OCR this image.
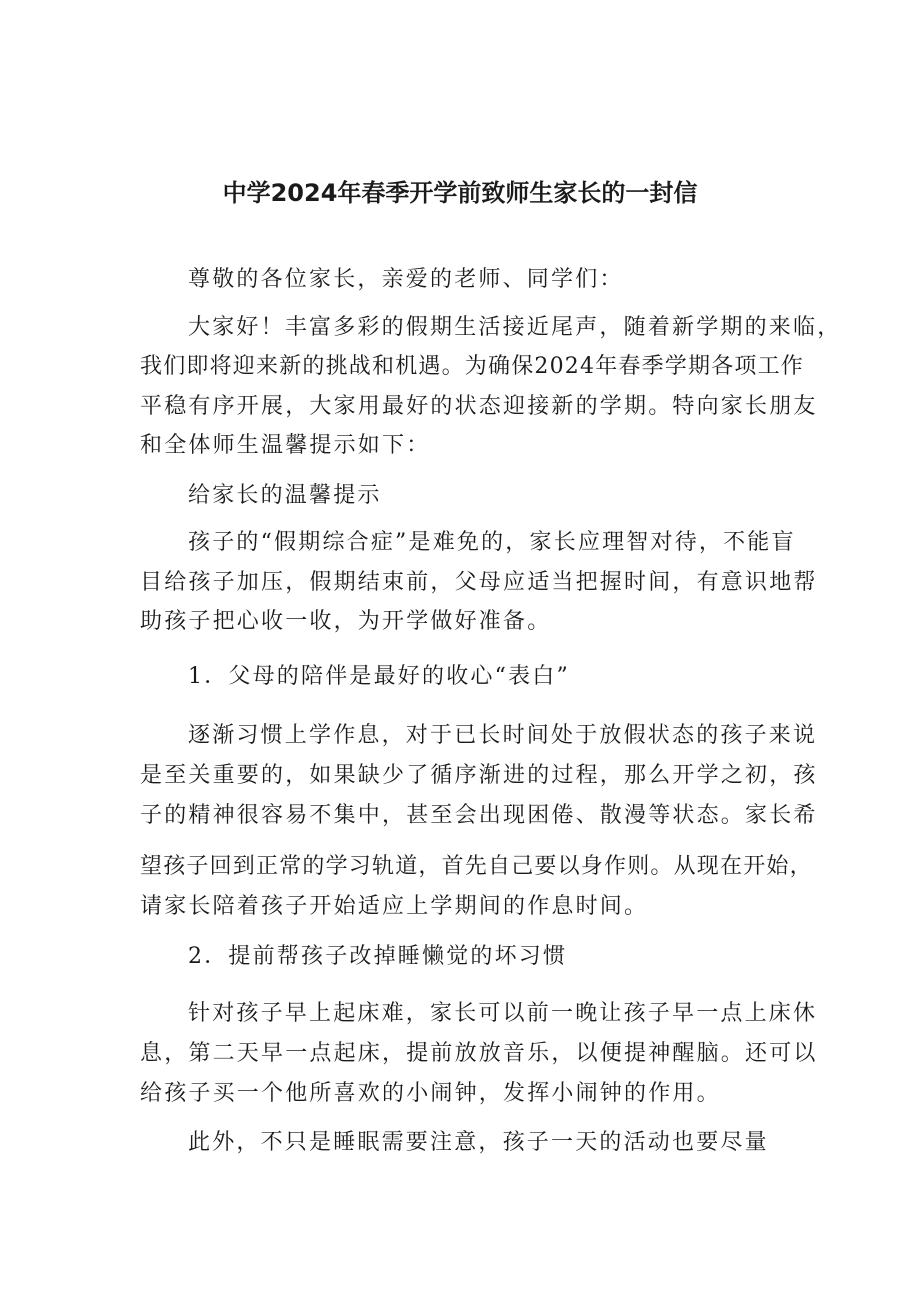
中学2024年春季开学前致师生家长的一封信
尊敬的各位家长，亲爱的老师、同学们：
大家好！丰富多彩的假期生活接近尾声，随着新学期的来临，
我们即将迎来新的挑战和机遇。为确保2024年春季学期各项工作
平稳有序开展，大家用最好的状态迎接新的学期。特向家长朋友
和全体师生温馨提示如下：
给家长的温馨提示
孩子的“假期综合症”是难免的，家长应理智对待，不能盲
目给孩子加压，假期结束前，父母应适当把握时间，有意识地帮
助孩子把心收一收，为开学做好准备。
1．父母的陪伴是最好的收心“表白”
逐渐习惯上学作息，对于已长时间处于放假状态的孩子来说
是至关重要的，如果缺少了循序渐进的过程，那么开学之初，孩
子的精神很容易不集中，甚至会出现困倦、散漫等状态。家长希
望孩子回到正常的学习轨道，首先自己要以身作则。从现在开始，
请家长陪着孩子开始适应上学期间的作息时间。
2．提前帮孩子改掉睡懒觉的坏习惯
针对孩子早上起床难，家长可以前一晚让孩子早一点上床休
息，第二天早一点起床，提前放放音乐，以便提神醒脑。还可以
给孩子买一个他所喜欢的小闹钟，发挥小闹钟的作用。
此外，不只是睡眠需要注意，孩子一天的活动也要尽量
